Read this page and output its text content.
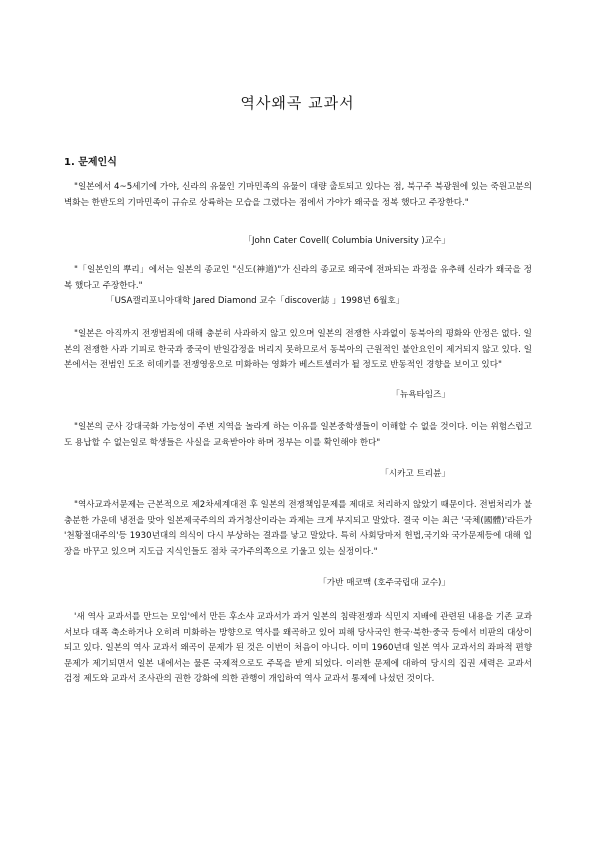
역사왜곡 교과서
1. 문제인식

"일본에서 4~5세기에 가야, 신라의 유물인 기마민족의 유물이 대량 출토되고 있다는 점, 북구주 북광원에 있는 죽원고분의 벽화는 한반도의 기마민족이 규슈로 상륙하는 모습을 그렸다는 점에서 가야가 왜국을 정복 했다고 주장한다."

「John Cater Covell( Columbia University )교수」

"「일본인의 뿌리」에서는 일본의 종교인 "신도(神道)"가 신라의 종교로 왜국에 전파되는 과정을 유추해 신라가 왜국을 정복 했다고 주장한다."

「USA캘리포니아대학 Jared Diamond 교수「discover誌 」1998년 6월호」

"일본은 아직까지 전쟁범죄에 대해 충분히 사과하지 않고 있으며 일본의 전쟁한 사과없이 동북아의 평화와 안정은 없다. 일본의 전쟁한 사과 기피로 한국과 중국이 반일감정을 버리지 못하므로서 동북아의 근원적인 불안요인이 제거되지 않고 있다. 일본에서는 전범인 도조 히데키를 전쟁영웅으로 미화하는 영화가 베스트셀러가 될 정도로 반동적인 경향을 보이고 있다"

「뉴욕타임즈」

"일본의 군사 강대국화 가능성이 주변 지역을 놀라게 하는 이유를 일본중학생들이 이해할 수 없을 것이다. 이는 위험스럽고도 용납할 수 없는일로 학생들은 사실을 교육받아야 하며 정부는 이를 확인해야 한다"

「시카고 트리뷴」

"역사교과서문제는 근본적으로 제2차세계대전 후 일본의 전쟁책임문제를 제대로 처리하지 않았기 때문이다. 전범처리가 불충분한 가운데 냉전을 맞아 일본제국주의의 과거청산이라는 과제는 크게 부지되고 말았다. 결국 이는 최근 '국체(國體)'라든가 '천황절대주의'등 1930년대의 의식이 다시 부상하는 결과를 낳고 말았다. 특히 사회당마저 헌법,국기와 국가문제등에 대해 입장을 바꾸고 있으며 지도급 지식인들도 점차 국가주의쪽으로 기울고 있는 실정이다."

「가반 매코맥 (호주국립대 교수)」

'새 역사 교과서를 만드는 모임'에서 만든 후소샤 교과서가 과거 일본의 침략전쟁과 식민지 지배에 관련된 내용을 기존 교과서보다 대폭 축소하거나 오히려 미화하는 방향으로 역사를 왜곡하고 있어 피해 당사국인 한국·북한·중국 등에서 비판의 대상이 되고 있다. 일본의 역사 교과서 왜곡이 문제가 된 것은 이번이 처음이 아니다. 이미 1960년대 일본 역사 교과서의 좌파적 편향 문제가 제기되면서 일본 내에서는 물론 국제적으로도 주목을 받게 되었다. 이러한 문제에 대하여 당시의 집권 세력은 교과서 검정 제도와 교과서 조사관의 권한 강화에 의한 관행이 개입하여 역사 교과서 통제에 나섰던 것이다.
